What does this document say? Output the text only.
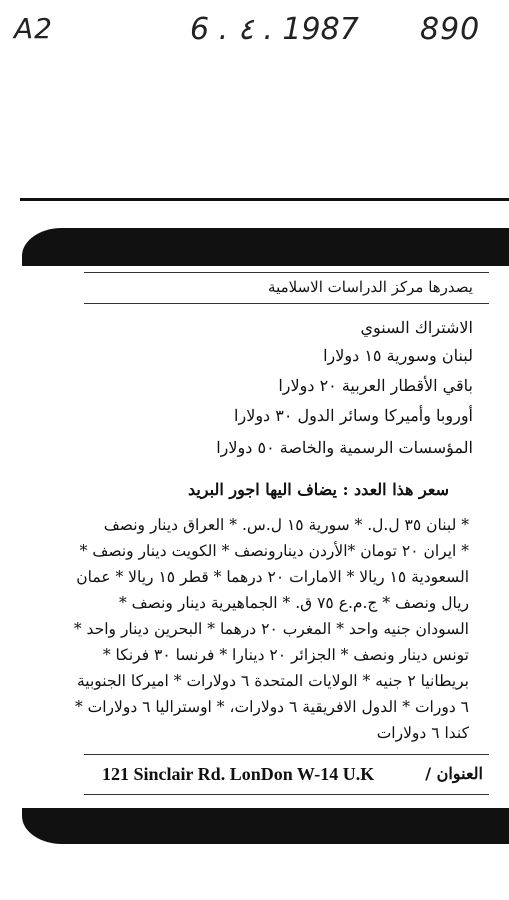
A2	6 . ٤ . 1987 890
يصدرها مركز الدراسات الاسلامية
الاشتراك السنوي
لبنان وسورية ١٥ دولارا
باقي الأقطار العربية ٢٠ دولارا
أوروبا وأميركا وسائر الدول ٣٠ دولارا
المؤسسات الرسمية والخاصة ٥٠ دولارا
سعر هذا العدد : يضاف اليها اجور البريد
* لبنان ٣٥ ل.ل. * سورية ١٥ ل.س. * العراق دينار ونصف
* ايران ٢٠ تومان *الأردن دينارونصف * الكويت دينار ونصف *
السعودية ١٥ ريالا * الامارات ٢٠ درهما * قطر ١٥ ريالا * عمان
ريال ونصف * ج.م.ع ٧٥ ق. * الجماهيرية دينار ونصف *
السودان جنيه واحد * المغرب ٢٠ درهما * البحرين دينار واحد *
تونس دينار ونصف * الجزائر ٢٠ دينارا * فرنسا ٣٠ فرنكا *
بريطانيا ٢ جنيه * الولايات المتحدة ٦ دولارات * اميركا الجنوبية
٦ دورات * الدول الافريقية ٦ دولارات، * اوستراليا ٦ دولارات *
كندا ٦ دولارات
121 Sinclair Rd. LonDon W-14 U.K	العنوان /
